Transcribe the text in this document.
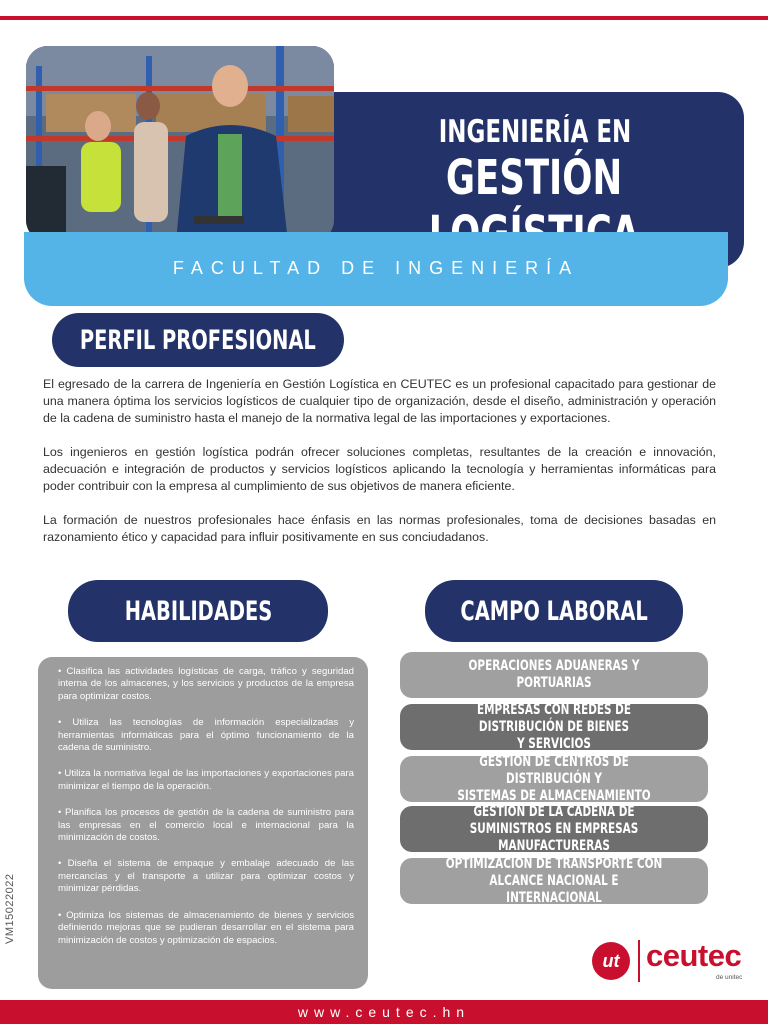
INGENIERÍA EN
GESTIÓN
FACULTAD DE INGENIERÍA
PERFIL PROFESIONAL

El egresado de la carrera de Ingeniería en Gestión Logística en CEUTEC es un profesional capacitado para gestionar de una manera óptima los servicios logísticos de cualquier tipo de organización, desde el diseño, administración y operación de la cadena de suministro hasta el manejo de la normativa legal de las importaciones y exportaciones.

Los ingenieros en gestión logística podrán ofrecer soluciones completas, resultantes de la creación e innovación, adecuación e integración de productos y servicios logísticos aplicando la tecnología y herramientas informáticas para poder contribuir con la empresa al cumplimiento de sus objetivos de manera eficiente.

La formación de nuestros profesionales hace énfasis en las normas profesionales, toma de decisiones basadas en razonamiento ético y capacidad para influir positivamente en sus conciudadanos.

HABILIDADES	CAMPO LABORAL
• Clasifica las actividades logísticas de carga, tráfico y seguridad interna de los almacenes, y los servicios y productos de la empresa para optimizar costos.
• Utiliza las tecnologías de información especializadas y herramientas informáticas para el óptimo funcionamiento de la cadena de suministro.
• Utiliza la normativa legal de las importaciones y exportaciones para minimizar el tiempo de la operación.
• Planifica los procesos de gestión de la cadena de suministro para las empresas en el comercio local e internacional para la minimización de costos.
• Diseña el sistema de empaque y embalaje adecuado de las mercancías y el transporte a utilizar para optimizar costos y minimizar pérdidas.
• Optimiza los sistemas de almacenamiento de bienes y servicios definiendo mejoras que se pudieran desarrollar en el sistema para minimización de costos y optimización de espacios.
OPERACIONES ADUANERAS Y PORTUARIAS
EMPRESAS CON REDES DE DISTRIBUCIÓN DE BIENES
Y SERVICIOS
GESTIÓN DE CENTROS DE DISTRIBUCIÓN Y
SISTEMAS DE ALMACENAMIENTO
GESTIÓN DE LA CADENA DE SUMINISTROS EN EMPRESAS
MANUFACTURERAS
OPTIMIZACIÓN DE TRANSPORTE CON
ALCANCE NACIONAL E INTERNACIONAL
VM15022022
ut ceutec
de unitec
www.ceutec.hn
